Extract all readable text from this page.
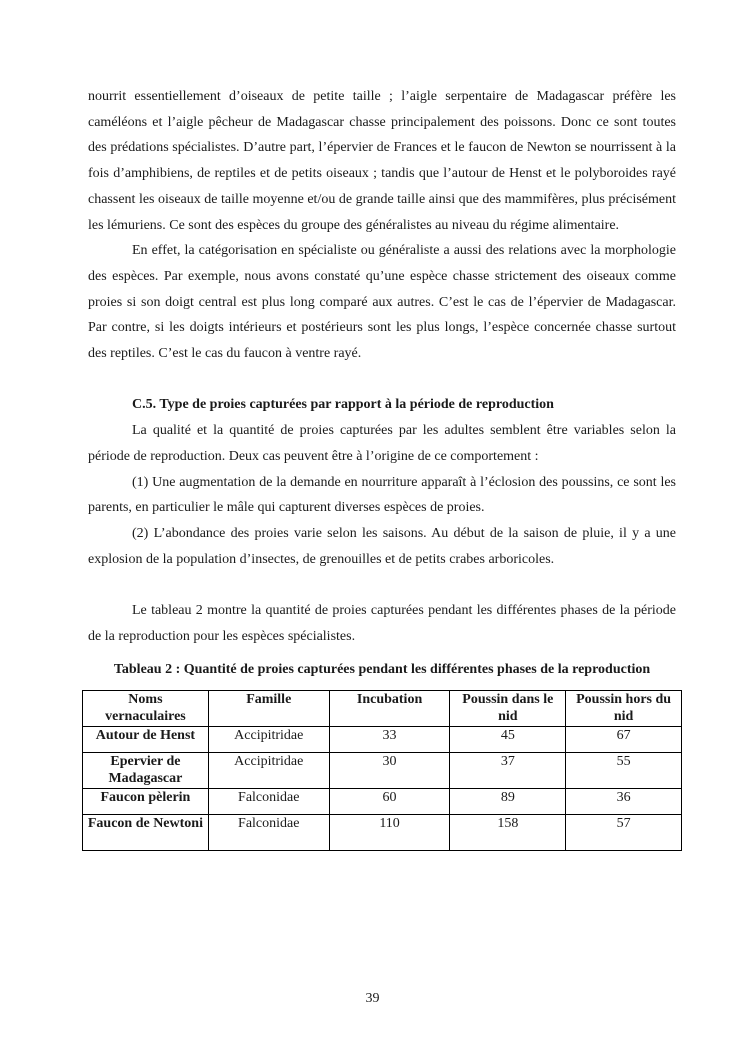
nourrit essentiellement d’oiseaux de petite taille ; l’aigle serpentaire de Madagascar préfère les caméléons et l’aigle pêcheur de Madagascar chasse principalement des poissons. Donc ce sont toutes des prédations spécialistes. D’autre part, l’épervier de Frances et le faucon de Newton se nourrissent à la fois d’amphibiens, de reptiles et de petits oiseaux ; tandis que l’autour de Henst et le polyboroides rayé chassent les oiseaux de taille moyenne et/ou de grande taille ainsi que des mammifères, plus précisément les lémuriens. Ce sont des espèces du groupe des généralistes au niveau du régime alimentaire.

En effet, la catégorisation en spécialiste ou généraliste a aussi des relations avec la morphologie des espèces. Par exemple, nous avons constaté qu’une espèce chasse strictement des oiseaux comme proies si son doigt central est plus long comparé aux autres. C’est le cas de l’épervier de Madagascar. Par contre, si les doigts intérieurs et postérieurs sont les plus longs, l’espèce concernée chasse surtout des reptiles. C’est le cas du faucon à ventre rayé.

C.5. Type de proies capturées par rapport à la période de reproduction

La qualité et la quantité de proies capturées par les adultes semblent être variables selon la période de reproduction. Deux cas peuvent être à l’origine de ce comportement :

(1) Une augmentation de la demande en nourriture apparaît à l’éclosion des poussins, ce sont les parents, en particulier le mâle qui capturent diverses espèces de proies.

(2) L’abondance des proies varie selon les saisons. Au début de la saison de pluie, il y a une explosion de la population d’insectes, de grenouilles et de petits crabes arboricoles.

Le tableau 2 montre la quantité de proies capturées pendant les différentes phases de la période de la reproduction pour les espèces spécialistes.

Tableau 2 : Quantité de proies capturées pendant les différentes phases de la reproduction
Noms vernaculaires	Famille	Incubation	Poussin dans le nid	Poussin hors du nid
Autour de Henst	Accipitridae	33	45	67
Epervier de Madagascar	Accipitridae	30	37	55
Faucon pèlerin	Falconidae	60	89	36
Faucon de Newtoni	Falconidae	110	158	57
39
